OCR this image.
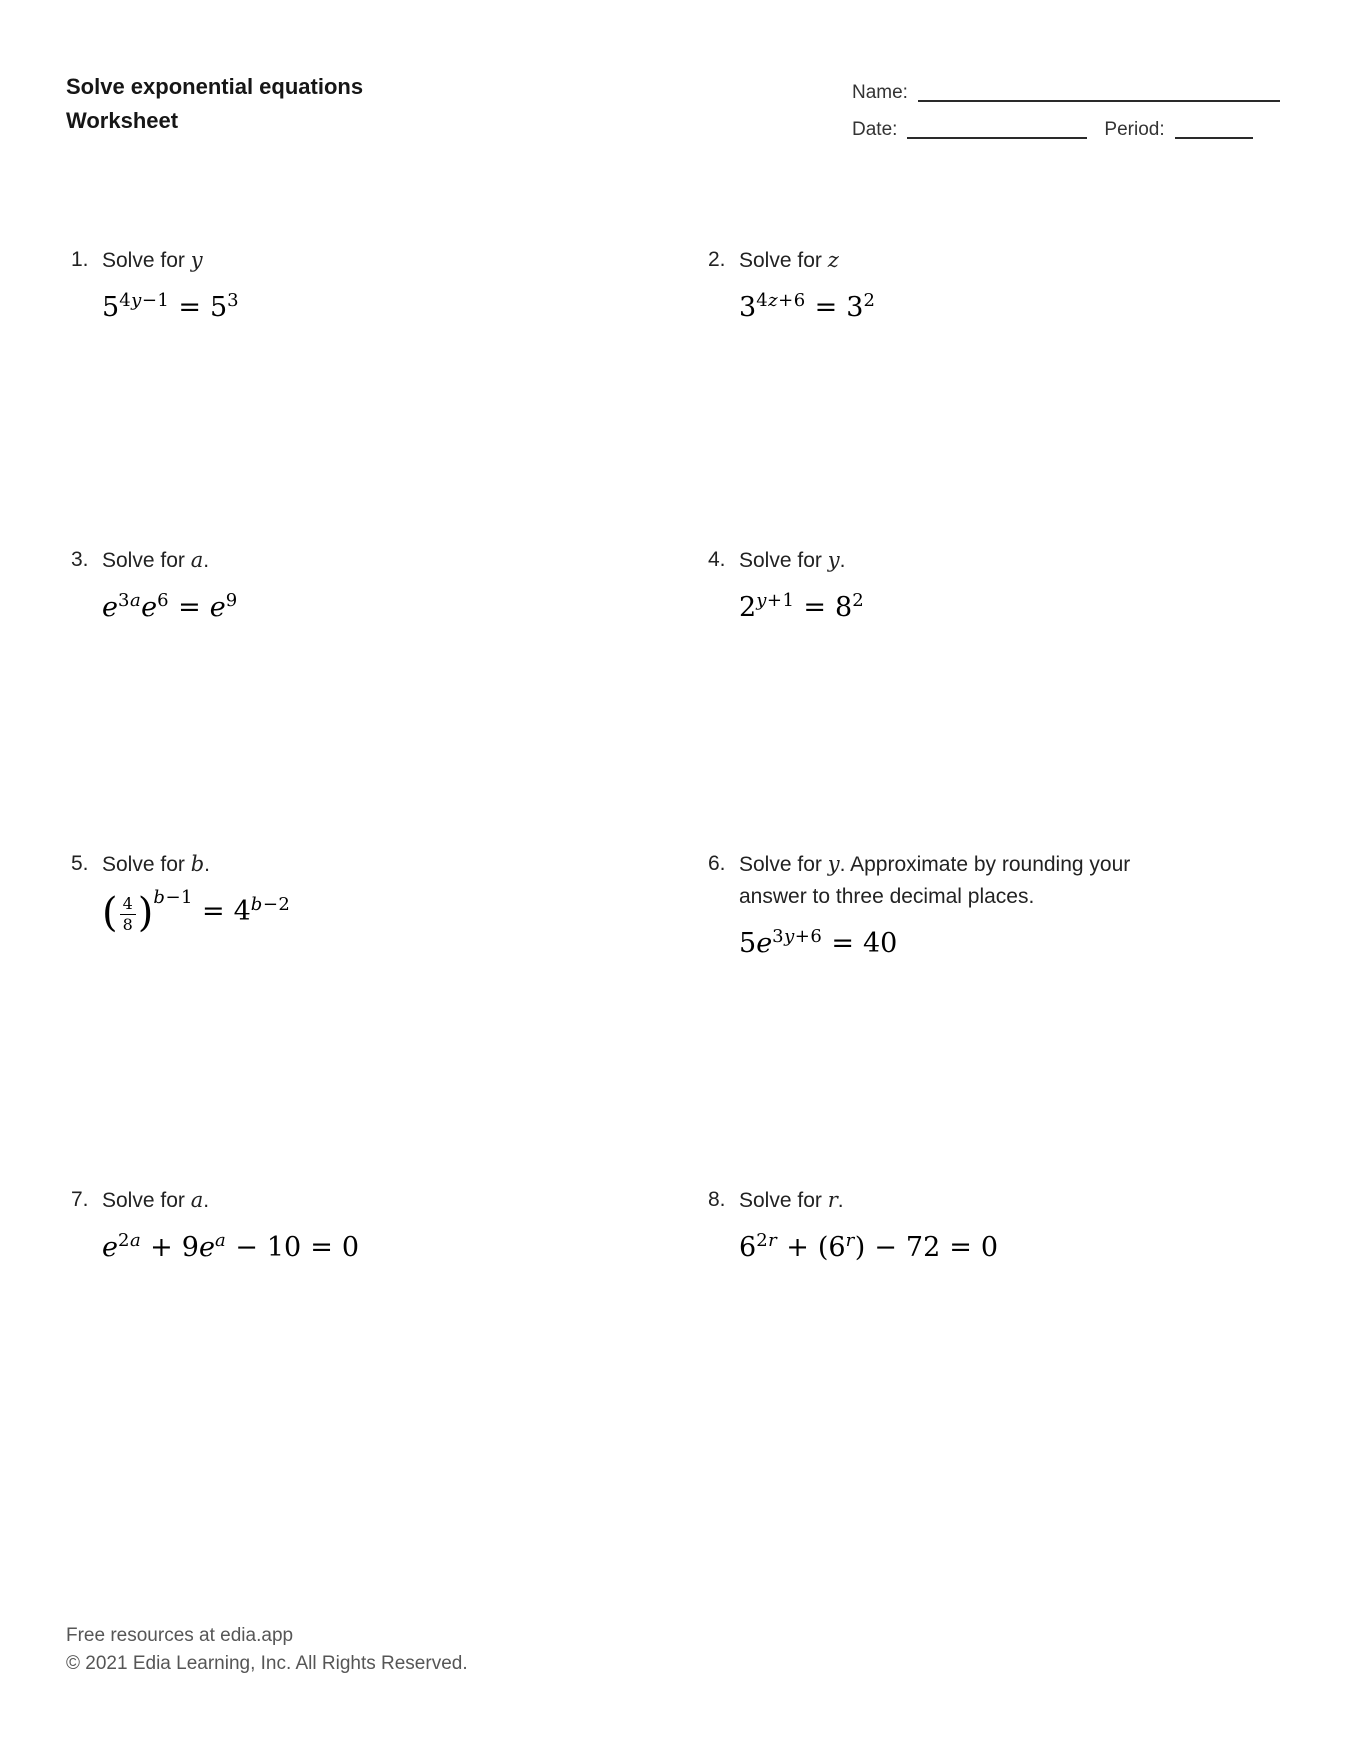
Solve exponential equations
Worksheet
Name:
Date:	Period:
1. Solve for y
$5^{4y-1} = 5^3$
2. Solve for z
$3^{4z+6} = 3^2$
3. Solve for a.
$e^{3a}e^6 = e^9$
4. Solve for y.
$2^{y+1} = 8^2$
5. Solve for b.
( $\frac{4}{8} )^{b-1} = 4^{b-2}$
6. Solve for y. Approximate by rounding your
answer to three decimal places.
$5e^{3y+6} = 40$
7. Solve for a.
$e^{2a} + 9e^a - 10 = 0$
8. Solve for r.
$6^{2r} + (6^r) - 72 = 0$
Free resources at edia.app
© 2021 Edia Learning, Inc. All Rights Reserved.
